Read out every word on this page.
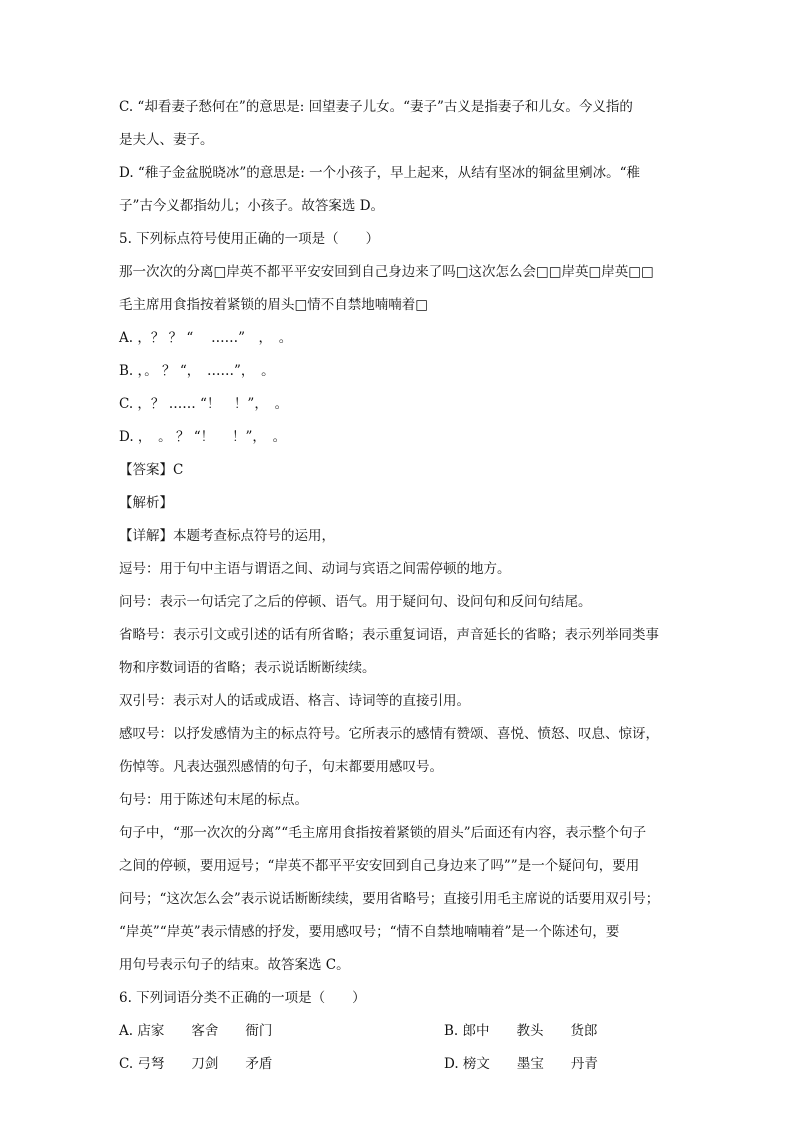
C. “却看妻子愁何在”的意思是: 回望妻子儿女。“妻子”古义是指妻子和儿女。今义指的
是夫人、妻子。
D. “稚子金盆脱晓冰”的意思是: 一个小孩子，早上起来，从结有坚冰的铜盆里剜冰。“稚
子”古今义都指幼儿；小孩子。故答案选 D。
5. 下列标点符号使用正确的一项是（　　）
那一次次的分离□岸英不都平平安安回到自己身边来了吗□这次怎么会□□岸英□岸英□□
毛主席用食指按着紧锁的眉头□情不自禁地喃喃着□
A. ，？ ？ “　 ……”　，　。
B. ，。 ？ “，　……”，　。
C. ，？ …… “！　！”，　。
D. ，　。 ？ “！　 ！”，　。
【答案】C
【解析】
【详解】本题考查标点符号的运用，
逗号：用于句中主语与谓语之间、动词与宾语之间需停顿的地方。
问号：表示一句话完了之后的停顿、语气。用于疑问句、设问句和反问句结尾。
省略号：表示引文或引述的话有所省略；表示重复词语，声音延长的省略；表示列举同类事
物和序数词语的省略；表示说话断断续续。
双引号：表示对人的话或成语、格言、诗词等的直接引用。
感叹号：以抒发感情为主的标点符号。它所表示的感情有赞颂、喜悦、愤怒、叹息、惊讶，
伤悼等。凡表达强烈感情的句子，句末都要用感叹号。
句号：用于陈述句末尾的标点。
句子中，“那一次次的分离”“毛主席用食指按着紧锁的眉头”后面还有内容，表示整个句子
之间的停顿，要用逗号；“岸英不都平平安安回到自己身边来了吗””是一个疑问句，要用
问号；“这次怎么会”表示说话断断续续，要用省略号；直接引用毛主席说的话要用双引号；
“岸英”“岸英”表示情感的抒发，要用感叹号；“情不自禁地喃喃着”是一个陈述句，要
用句号表示句子的结束。故答案选 C。
6. 下列词语分类不正确的一项是（　　）
A. 店家　　客舍　　衙门	B. 郎中　　教头　　货郎
C. 弓弩　　刀剑　　矛盾	D. 榜文　　墨宝　　丹青
